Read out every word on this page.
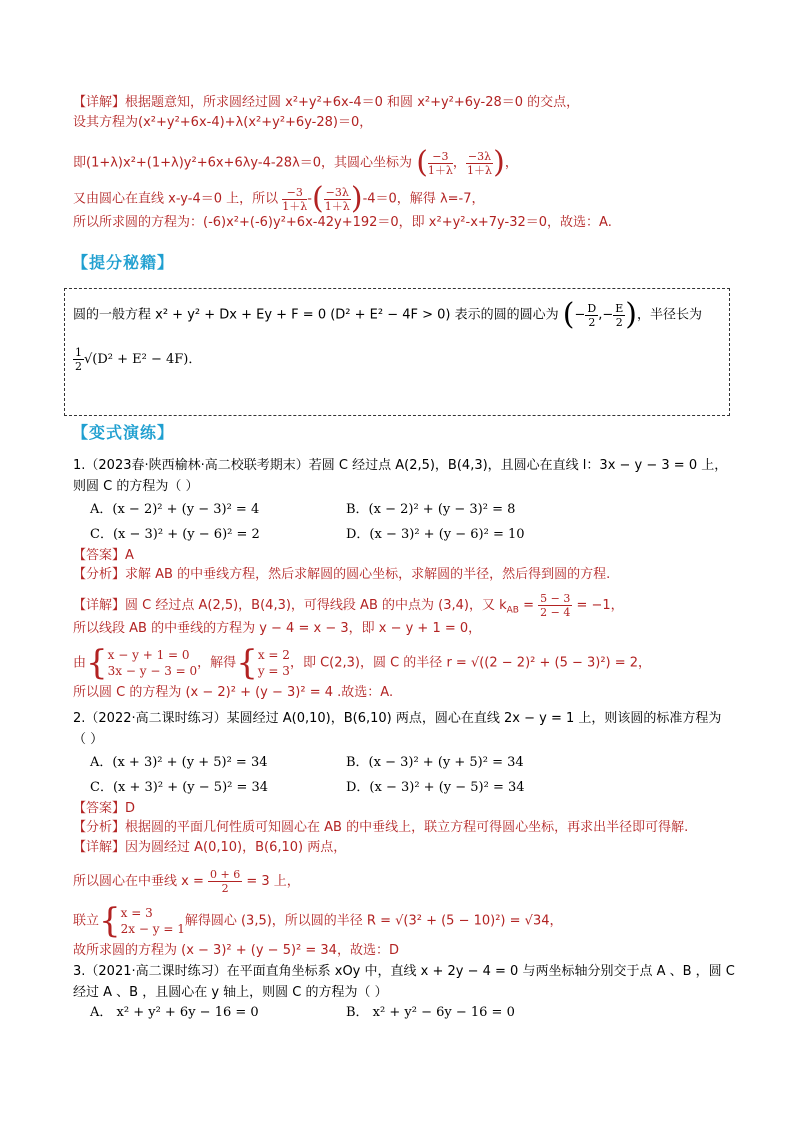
【详解】根据题意知，所求圆经过圆 x²+y²+6x-4＝0 和圆 x²+y²+6y-28＝0 的交点，
设其方程为(x²+y²+6x-4)+λ(x²+y²+6y-28)＝0，
即(1+λ)x²+(1+λ)y²+6x+6λy-4-28λ＝0，其圆心坐标为 ( $\frac{-3}{1+\lambda}$ ， $\frac{-3\lambda}{1+\lambda}$ )，
又由圆心在直线 x-y-4＝0 上，所以 $\frac{-3}{1+\lambda}$ -( $\frac{-3\lambda}{1+\lambda} )-4=0$，解得 λ=-7，
所以所求圆的方程为：(-6)x²+(-6)y²+6x-42y+192＝0，即 x²+y²-x+7y-32＝0，故选：A.
【提分秘籍】
圆的一般方程 x² + y² + Dx + Ey + F = 0 (D² + E² − 4F > 0) 表示的圆的圆心为 (− $\frac{D}{2}$ ,− $\frac{E}{2}$ )，半径长为
$\frac{1}{2} √(D^2 + E^2 - 4F)$．
【变式演练】
1.（2023春·陕西榆林·高二校联考期末）若圆 C 经过点 A(2,5)，B(4,3)，且圆心在直线 l：3x − y − 3 = 0 上，
则圆 C 的方程为（ ）
A．(x − 2)² + (y − 3)² = 4	B．(x − 2)² + (y − 3)² = 8
C．(x − 3)² + (y − 6)² = 2	D．(x − 3)² + (y − 6)² = 10
【答案】A
【分析】求解 AB 的中垂线方程，然后求解圆的圆心坐标，求解圆的半径，然后得到圆的方程.
【详解】圆 C 经过点 A(2,5)，B(4,3)，可得线段 AB 的中点为 (3,4)，又 $k_{AB} = \frac{5 - 3}{2 - 4} = -1$，
所以线段 AB 的中垂线的方程为 y − 4 = x − 3，即 x − y + 1 = 0，
由{ x − y + 1 = 0
3x − y − 3 = 0
，解得{ x = 2
y = 3
，即 C(2,3)，圆 C 的半径 r = √((2 − 2)² + (5 − 3)²) = 2，
所以圆 C 的方程为 (x − 2)² + (y − 3)² = 4 .故选：A.
2.（2022·高二课时练习）某圆经过 A(0,10)，B(6,10) 两点，圆心在直线 2x − y = 1 上，则该圆的标准方程为
（ ）
A．(x + 3)² + (y + 5)² = 34	B．(x − 3)² + (y + 5)² = 34
C．(x + 3)² + (y − 5)² = 34	D．(x − 3)² + (y − 5)² = 34
【答案】D
【分析】根据圆的平面几何性质可知圆心在 AB 的中垂线上，联立方程可得圆心坐标，再求出半径即可得解.
【详解】因为圆经过 A(0,10)，B(6,10) 两点，
所以圆心在中垂线 $x = \frac{0 + 6}{2} = 3$ 上，
联立{ x = 3
2x − y = 1
解得圆心 (3,5)，所以圆的半径 R = √(3² + (5 − 10)²) = √34，
故所求圆的方程为 (x − 3)² + (y − 5)² = 34，故选：D
3.（2021·高二课时练习）在平面直角坐标系 xOy 中，直线 x + 2y − 4 = 0 与两坐标轴分别交于点 A 、B ，圆 C
经过 A 、B ，且圆心在 y 轴上，则圆 C 的方程为（ ）
A． x² + y² + 6y − 16 = 0	B． x² + y² − 6y − 16 = 0
